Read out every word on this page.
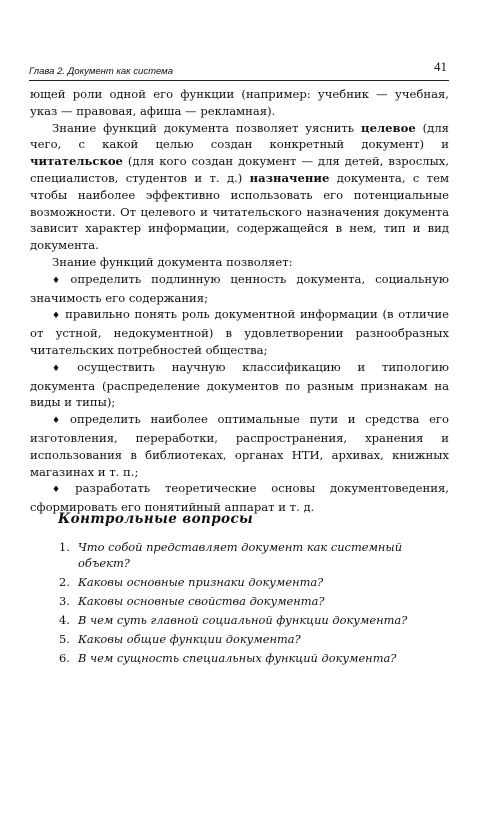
Глава 2. Документ как система	41

ющей роли одной его функции (например: учебник — учебная, указ — правовая, афиша — рекламная).

Знание функций документа позволяет уяснить целевое (для чего, с какой целью создан конкретный документ) и читательское (для кого создан документ — для детей, взрослых, специалистов, студентов и т. д.) назначение документа, с тем чтобы наиболее эффективно использовать его потенциальные возможности. От целевого и читательского назначения документа зависит характер информации, содержащейся в нем, тип и вид документа.

Знание функций документа позволяет:

♦ определить подлинную ценность документа, социальную значимость его содержания;

♦ правильно понять роль документной информации (в отличие от устной, недокументной) в удовлетворении разнообразных читательских потребностей общества;

♦ осуществить научную классификацию и типологию документа (распределение документов по разным признакам на виды и типы);

♦ определить наиболее оптимальные пути и средства его изготовления, переработки, распространения, хранения и использования в библиотеках, органах НТИ, архивах, книжных магазинах и т. п.;

♦ разработать теоретические основы документоведения, сформировать его понятийный аппарат и т. д.

Контрольные вопросы
1. Что собой представляет документ как системный объект?
2. Каковы основные признаки документа?
3. Каковы основные свойства документа?
4. В чем суть главной социальной функции документа?
5. Каковы общие функции документа?
6. В чем сущность специальных функций документа?
